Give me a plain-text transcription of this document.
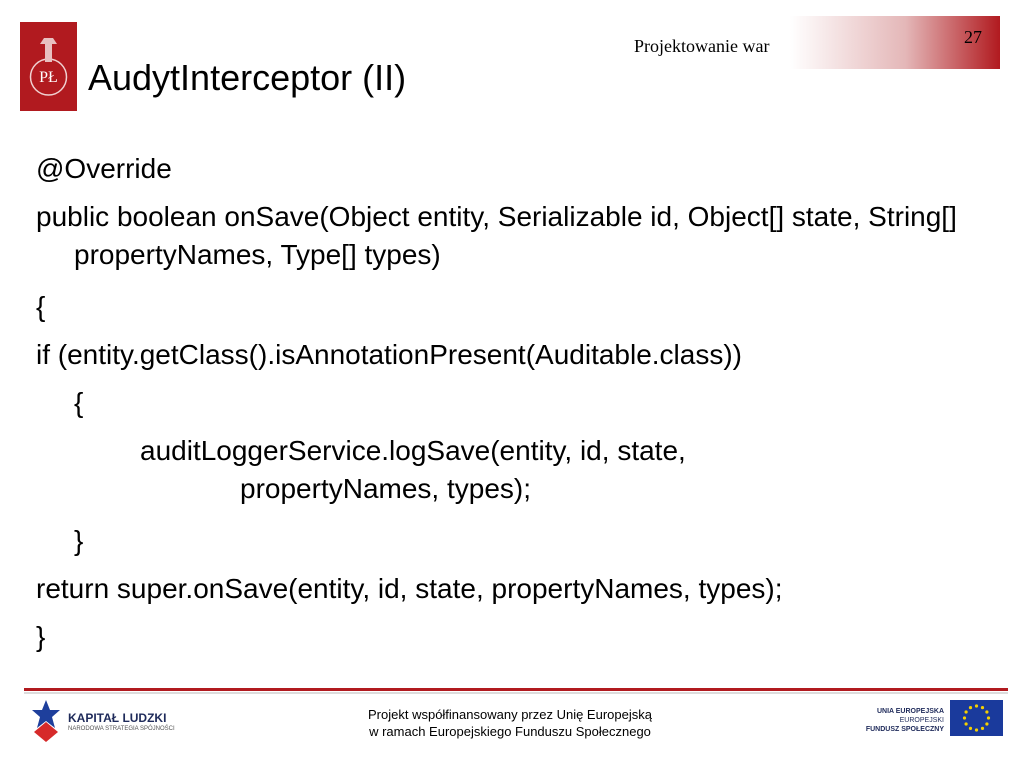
PŁ AudytInterceptor (II)
Projektowanie war	27
@Override
public boolean onSave(Object entity, Serializable id, Object[] state, String[] propertyNames, Type[] types)
{
if (entity.getClass().isAnnotationPresent(Auditable.class))
{
auditLoggerService.logSave(entity, id, state,
propertyNames, types);
}
return super.onSave(entity, id, state, propertyNames, types);
}
KAPITAŁ LUDZKI
NARODOWA STRATEGIA SPÓJNOŚCI
Projekt współfinansowany przez Unię Europejską
w ramach Europejskiego Funduszu Społecznego
UNIA EUROPEJSKA
EUROPEJSKI
FUNDUSZ SPOŁECZNY
